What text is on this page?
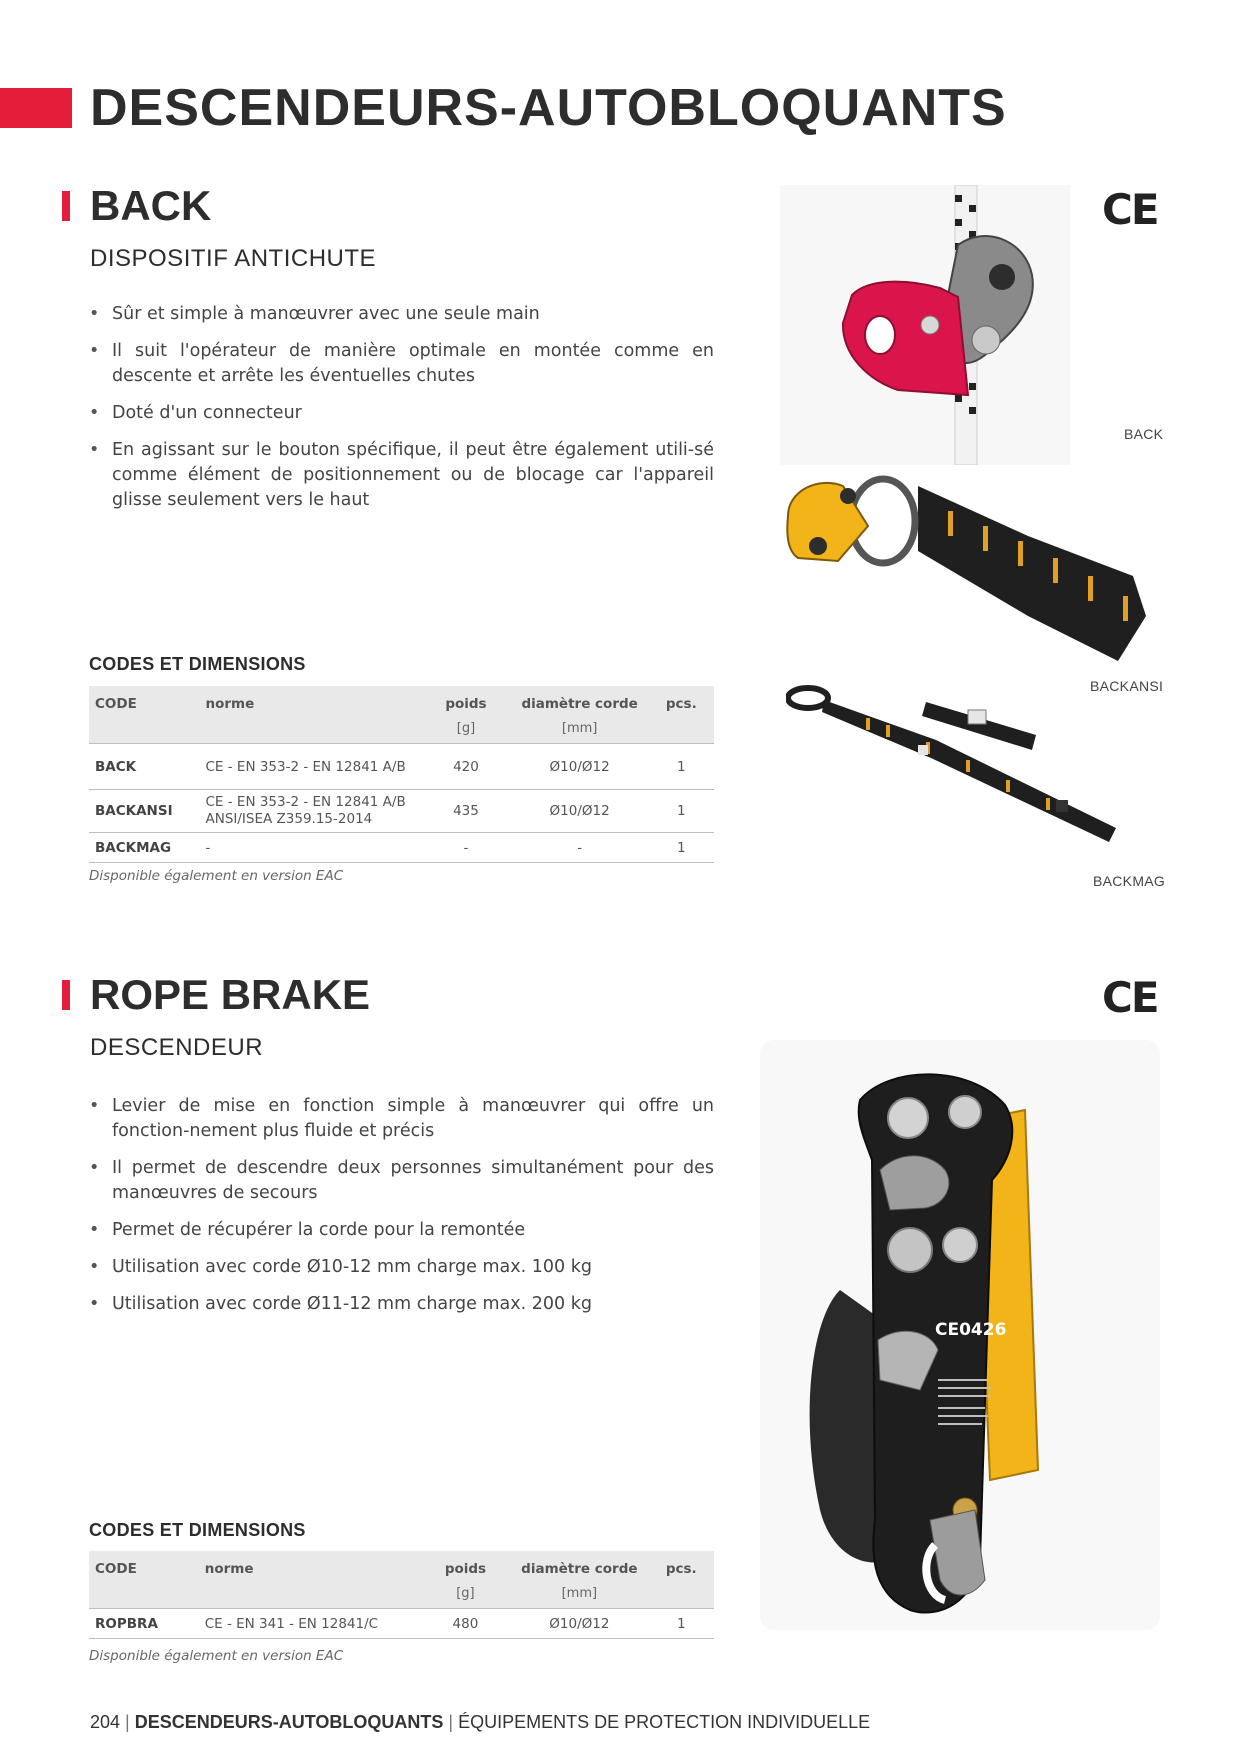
DESCENDEURS-AUTOBLOQUANTS
BACK
DISPOSITIF ANTICHUTE
• Sûr et simple à manœuvrer avec une seule main
• Il suit l'opérateur de manière optimale en montée comme en descente et arrête les éventuelles chutes
• Doté d'un connecteur
• En agissant sur le bouton spécifique, il peut être également utili-sé comme élément de positionnement ou de blocage car l'appareil glisse seulement vers le haut
CODES ET DIMENSIONS
CODE	norme	poids	diamètre corde	pcs.
		[g]	[mm]	
BACK	CE - EN 353-2 - EN 12841 A/B	420	Ø10/Ø12	1
BACKANSI	CE - EN 353-2 - EN 12841 A/B
ANSI/ISEA Z359.15-2014	435	Ø10/Ø12	1
BACKMAG	-	-	-	1
Disponible également en version EAC
CE
BACK
BACKANSI
BACKMAG
ROPE BRAKE
DESCENDEUR
• Levier de mise en fonction simple à manœuvrer qui offre un fonction-nement plus fluide et précis
• Il permet de descendre deux personnes simultanément pour des manœuvres de secours
• Permet de récupérer la corde pour la remontée
• Utilisation avec corde Ø10-12 mm charge max. 100 kg
• Utilisation avec corde Ø11-12 mm charge max. 200 kg
CODES ET DIMENSIONS
CODE	norme	poids	diamètre corde	pcs.
		[g]	[mm]	
ROPBRA	CE - EN 341 - EN 12841/C	480	Ø10/Ø12	1
Disponible également en version EAC
CE
CE0426
204 | DESCENDEURS-AUTOBLOQUANTS | ÉQUIPEMENTS DE PROTECTION INDIVIDUELLE
